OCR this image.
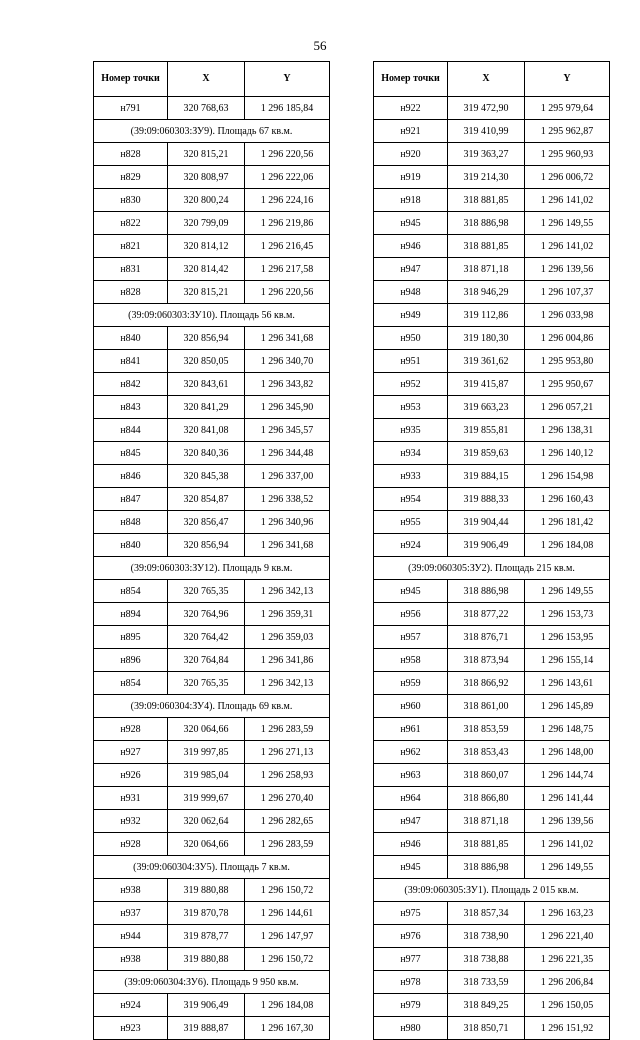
56
Номер точки	X	Y
н791	320 768,63	1 296 185,84
(39:09:060303:ЗУ9). Площадь 67 кв.м.		
н828	320 815,21	1 296 220,56
н829	320 808,97	1 296 222,06
н830	320 800,24	1 296 224,16
н822	320 799,09	1 296 219,86
н821	320 814,12	1 296 216,45
н831	320 814,42	1 296 217,58
н828	320 815,21	1 296 220,56
(39:09:060303:ЗУ10). Площадь 56 кв.м.		
н840	320 856,94	1 296 341,68
н841	320 850,05	1 296 340,70
н842	320 843,61	1 296 343,82
н843	320 841,29	1 296 345,90
н844	320 841,08	1 296 345,57
н845	320 840,36	1 296 344,48
н846	320 845,38	1 296 337,00
н847	320 854,87	1 296 338,52
н848	320 856,47	1 296 340,96
н840	320 856,94	1 296 341,68
(39:09:060303:ЗУ12). Площадь 9 кв.м.		
н854	320 765,35	1 296 342,13
н894	320 764,96	1 296 359,31
н895	320 764,42	1 296 359,03
н896	320 764,84	1 296 341,86
н854	320 765,35	1 296 342,13
(39:09:060304:ЗУ4). Площадь 69 кв.м.		
н928	320 064,66	1 296 283,59
н927	319 997,85	1 296 271,13
н926	319 985,04	1 296 258,93
н931	319 999,67	1 296 270,40
н932	320 062,64	1 296 282,65
н928	320 064,66	1 296 283,59
(39:09:060304:ЗУ5). Площадь 7 кв.м.		
н938	319 880,88	1 296 150,72
н937	319 870,78	1 296 144,61
н944	319 878,77	1 296 147,97
н938	319 880,88	1 296 150,72
(39:09:060304:ЗУ6). Площадь 9 950 кв.м.		
н924	319 906,49	1 296 184,08
н923	319 888,87	1 296 167,30
Номер точки	X	Y
н922	319 472,90	1 295 979,64
н921	319 410,99	1 295 962,87
н920	319 363,27	1 295 960,93
н919	319 214,30	1 296 006,72
н918	318 881,85	1 296 141,02
н945	318 886,98	1 296 149,55
н946	318 881,85	1 296 141,02
н947	318 871,18	1 296 139,56
н948	318 946,29	1 296 107,37
н949	319 112,86	1 296 033,98
н950	319 180,30	1 296 004,86
н951	319 361,62	1 295 953,80
н952	319 415,87	1 295 950,67
н953	319 663,23	1 296 057,21
н935	319 855,81	1 296 138,31
н934	319 859,63	1 296 140,12
н933	319 884,15	1 296 154,98
н954	319 888,33	1 296 160,43
н955	319 904,44	1 296 181,42
н924	319 906,49	1 296 184,08
(39:09:060305:ЗУ2). Площадь 215 кв.м.		
н945	318 886,98	1 296 149,55
н956	318 877,22	1 296 153,73
н957	318 876,71	1 296 153,95
н958	318 873,94	1 296 155,14
н959	318 866,92	1 296 143,61
н960	318 861,00	1 296 145,89
н961	318 853,59	1 296 148,75
н962	318 853,43	1 296 148,00
н963	318 860,07	1 296 144,74
н964	318 866,80	1 296 141,44
н947	318 871,18	1 296 139,56
н946	318 881,85	1 296 141,02
н945	318 886,98	1 296 149,55
(39:09:060305:ЗУ1). Площадь 2 015 кв.м.		
н975	318 857,34	1 296 163,23
н976	318 738,90	1 296 221,40
н977	318 738,88	1 296 221,35
н978	318 733,59	1 296 206,84
н979	318 849,25	1 296 150,05
н980	318 850,71	1 296 151,92
